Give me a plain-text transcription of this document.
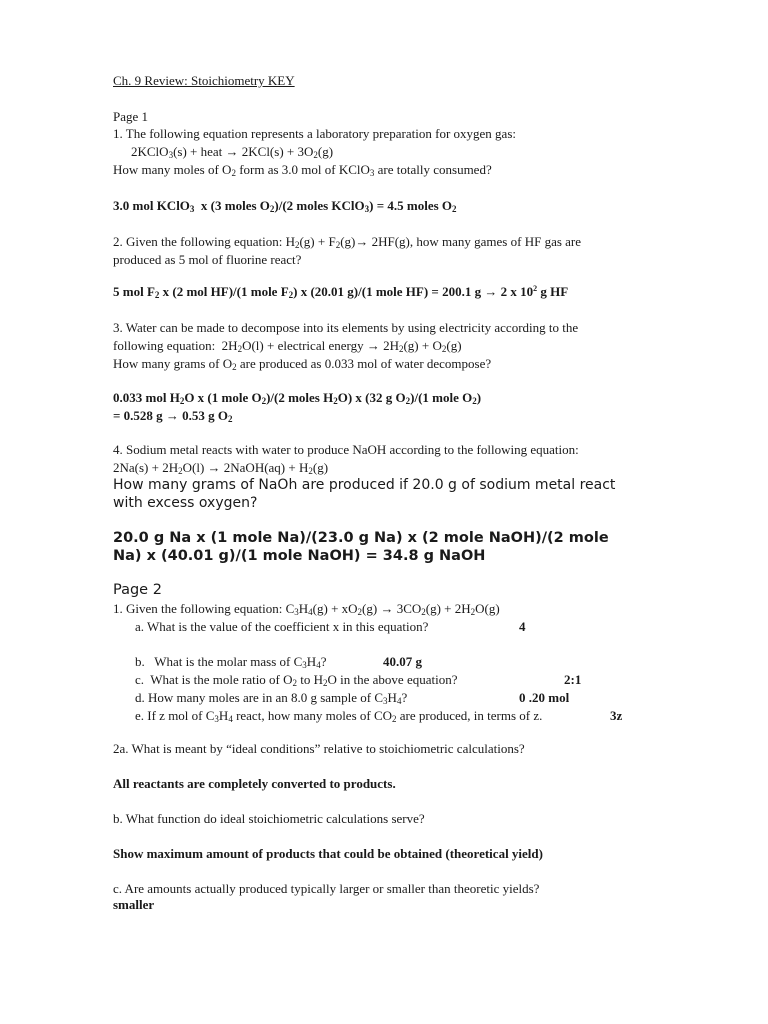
Ch. 9 Review: Stoichiometry KEY
Page 1
1. The following equation represents a laboratory preparation for oxygen gas:
2KClO$_3$(s) + heat → $2KCl(s) + 3O_2(g)$
How many moles of $O_2$ form as 3.0 mol of KClO$_3$ are totally consumed?
3.0 mol KClO$_3$  x (3 moles $O_2)/(2$ moles KClO$_3$) = 4.5 moles $O_2$
2. Given the following equation: $H_2(g) + F_2(g)\to 2HF(g)$, how many games of HF gas are
produced as 5 mol of fluorine react?
5 mol $F_2$ x (2 mol HF)/(1 mole $F_2$) x (20.01 g)/(1 mole HF) = 200.1 g → 2 x $10^2$ g HF
3. Water can be made to decompose into its elements by using electricity according to the
following equation:  $2H_2O(l)$ + electrical energy → $2H_2(g) + O_2(g)$
How many grams of $O_2$ are produced as 0.033 mol of water decompose?
0.033 mol $H_2O$ x (1 mole $O_2)/(2$ moles $H_2O$) x (32 g $O_2)/(1$ mole $O_2$)
= 0.528 g → 0.53 g $O_2$
4. Sodium metal reacts with water to produce NaOH according to the following equation:
$2Na(s) + 2H_2O(l)$ → 2NaOH(aq) + $H_2(g)$
How many grams of NaOh are produced if 20.0 g of sodium metal react
with excess oxygen?
20.0 g Na x (1 mole Na)/(23.0 g Na) x (2 mole NaOH)/(2 mole
Na) x (40.01 g)/(1 mole NaOH) = 34.8 g NaOH
Page 2
1. Given the following equation: $C_3H_4(g) + xO_2(g) \to 3CO_2(g) + 2H_2O(g)$
a. What is the value of the coefficient x in this equation?	4
b.   What is the molar mass of $C_3H_4$?	40.07 g
c.  What is the mole ratio of $O_2$ to $H_2O$ in the above equation?	2:1
d. How many moles are in an 8.0 g sample of $C_3H_4$?	0 .20 mol
e. If z mol of $C_3H_4$ react, how many moles of $CO_2$ are produced, in terms of z.	3z
2a. What is meant by “ideal conditions” relative to stoichiometric calculations?
All reactants are completely converted to products.
b. What function do ideal stoichiometric calculations serve?
Show maximum amount of products that could be obtained (theoretical yield)
c. Are amounts actually produced typically larger or smaller than theoretic yields?
smaller
